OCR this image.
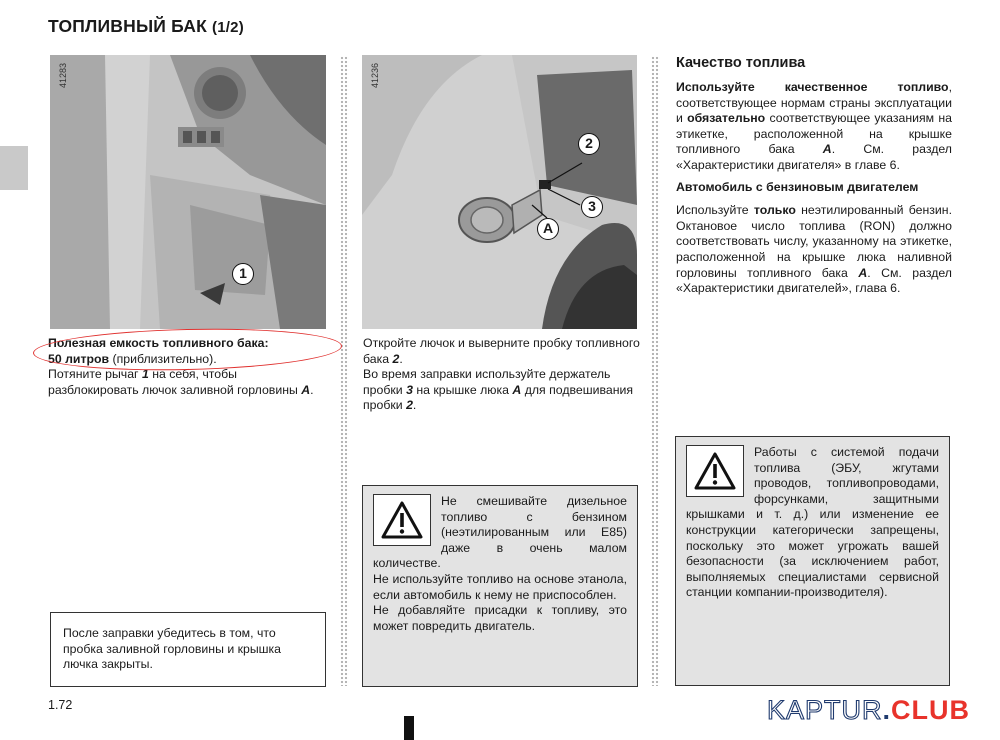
ТОПЛИВНЫЙ БАК (1/2)
41283
1
41236
2
3
A
Полезная емкость топливного бака:
50 литров (приблизительно).
Потяните рычаг 1 на себя, чтобы разблокировать лючок заливной горловины А.
Откройте лючок и выверните пробку топливного бака 2.
Во время заправки используйте держатель пробки 3 на крышке люка А для подвешивания пробки 2.
После заправки убедитесь в том, что пробка заливной горловины и крышка лючка закрыты.

Не смешивайте дизельное топливо с бензином (неэтилированным или E85) даже в очень малом количестве.

Не используйте топливо на основе этанола, если автомобиль к нему не приспособлен.

Не добавляйте присадки к топливу, это может повредить двигатель.

Качество топлива

Используйте качественное топливо, соответствующее нормам страны эксплуатации и обязательно соответствующее указаниям на этикетке, расположенной на крышке топливного бака А. См. раздел «Характеристики двигателя» в главе 6.

Автомобиль с бензиновым двигателем

Используйте только неэтилированный бензин. Октановое число топлива (RON) должно соответствовать числу, указанному на этикетке, расположенной на крышке люка наливной горловины топливного бака А. См. раздел «Характеристики двигателей», глава 6.

Работы с системой подачи топлива (ЭБУ, жгутами проводов, топливопроводами, форсунками, защитными крышками и т. д.) или изменение ее конструкции категорически запрещены, поскольку это может угрожать вашей безопасности (за исключением работ, выполняемых специалистами сервисной станции компании-производителя).

1.72	KAPTUR.CLUB
